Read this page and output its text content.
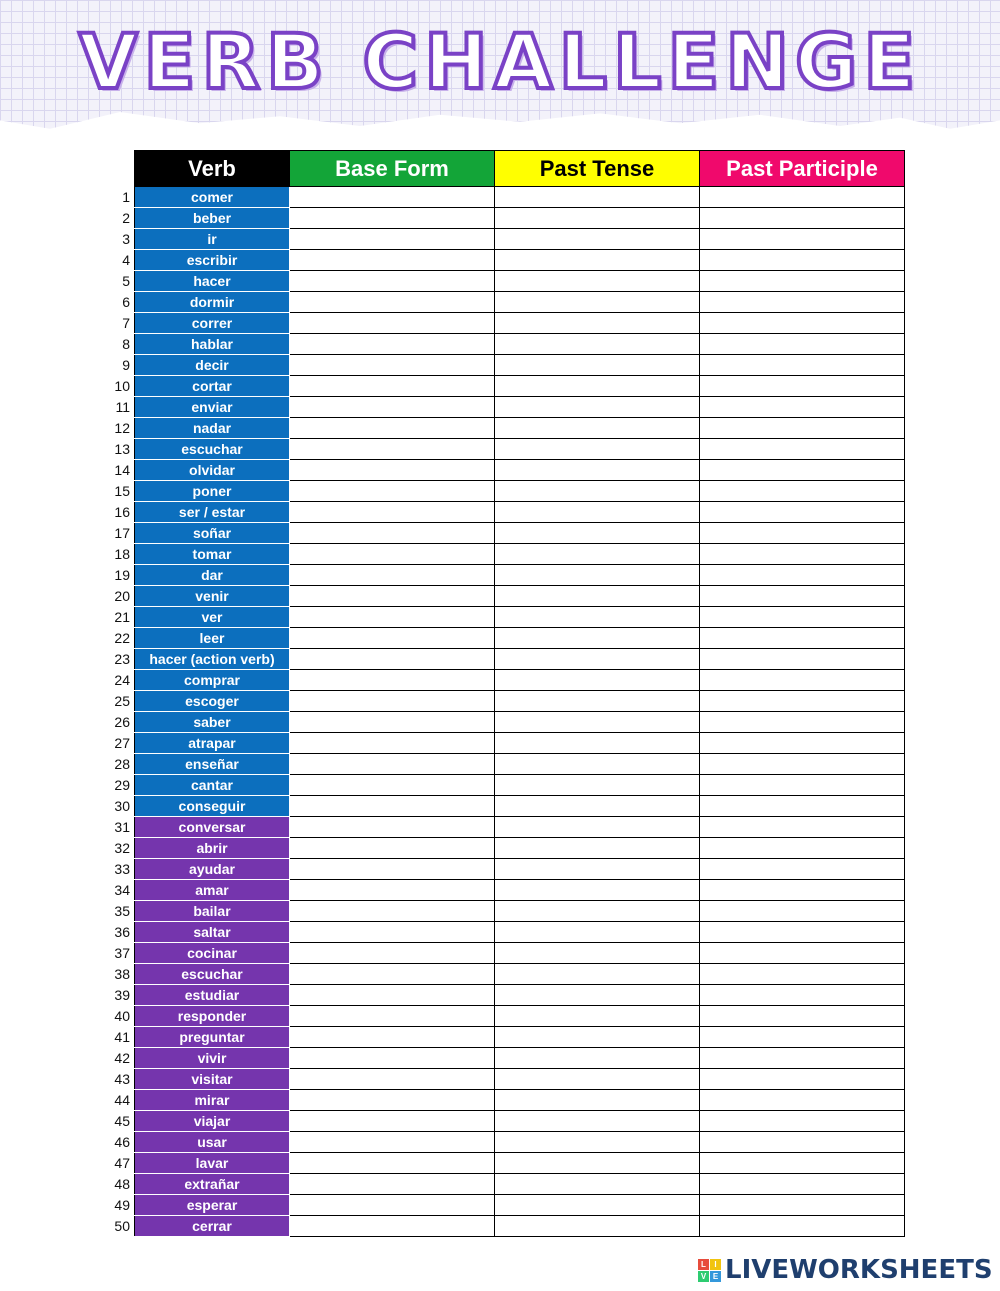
VERB CHALLENGE
	Verb	Base Form	Past Tense	Past Participle
1	comer			
2	beber			
3	ir			
4	escribir			
5	hacer			
6	dormir			
7	correr			
8	hablar			
9	decir			
10	cortar			
11	enviar			
12	nadar			
13	escuchar			
14	olvidar			
15	poner			
16	ser / estar			
17	soñar			
18	tomar			
19	dar			
20	venir			
21	ver			
22	leer			
23	hacer (action verb)			
24	comprar			
25	escoger			
26	saber			
27	atrapar			
28	enseñar			
29	cantar			
30	conseguir			
31	conversar			
32	abrir			
33	ayudar			
34	amar			
35	bailar			
36	saltar			
37	cocinar			
38	escuchar			
39	estudiar			
40	responder			
41	preguntar			
42	vivir			
43	visitar			
44	mirar			
45	viajar			
46	usar			
47	lavar			
48	extrañar			
49	esperar			
50	cerrar			
L	I
V E LIVEWORKSHEETS
